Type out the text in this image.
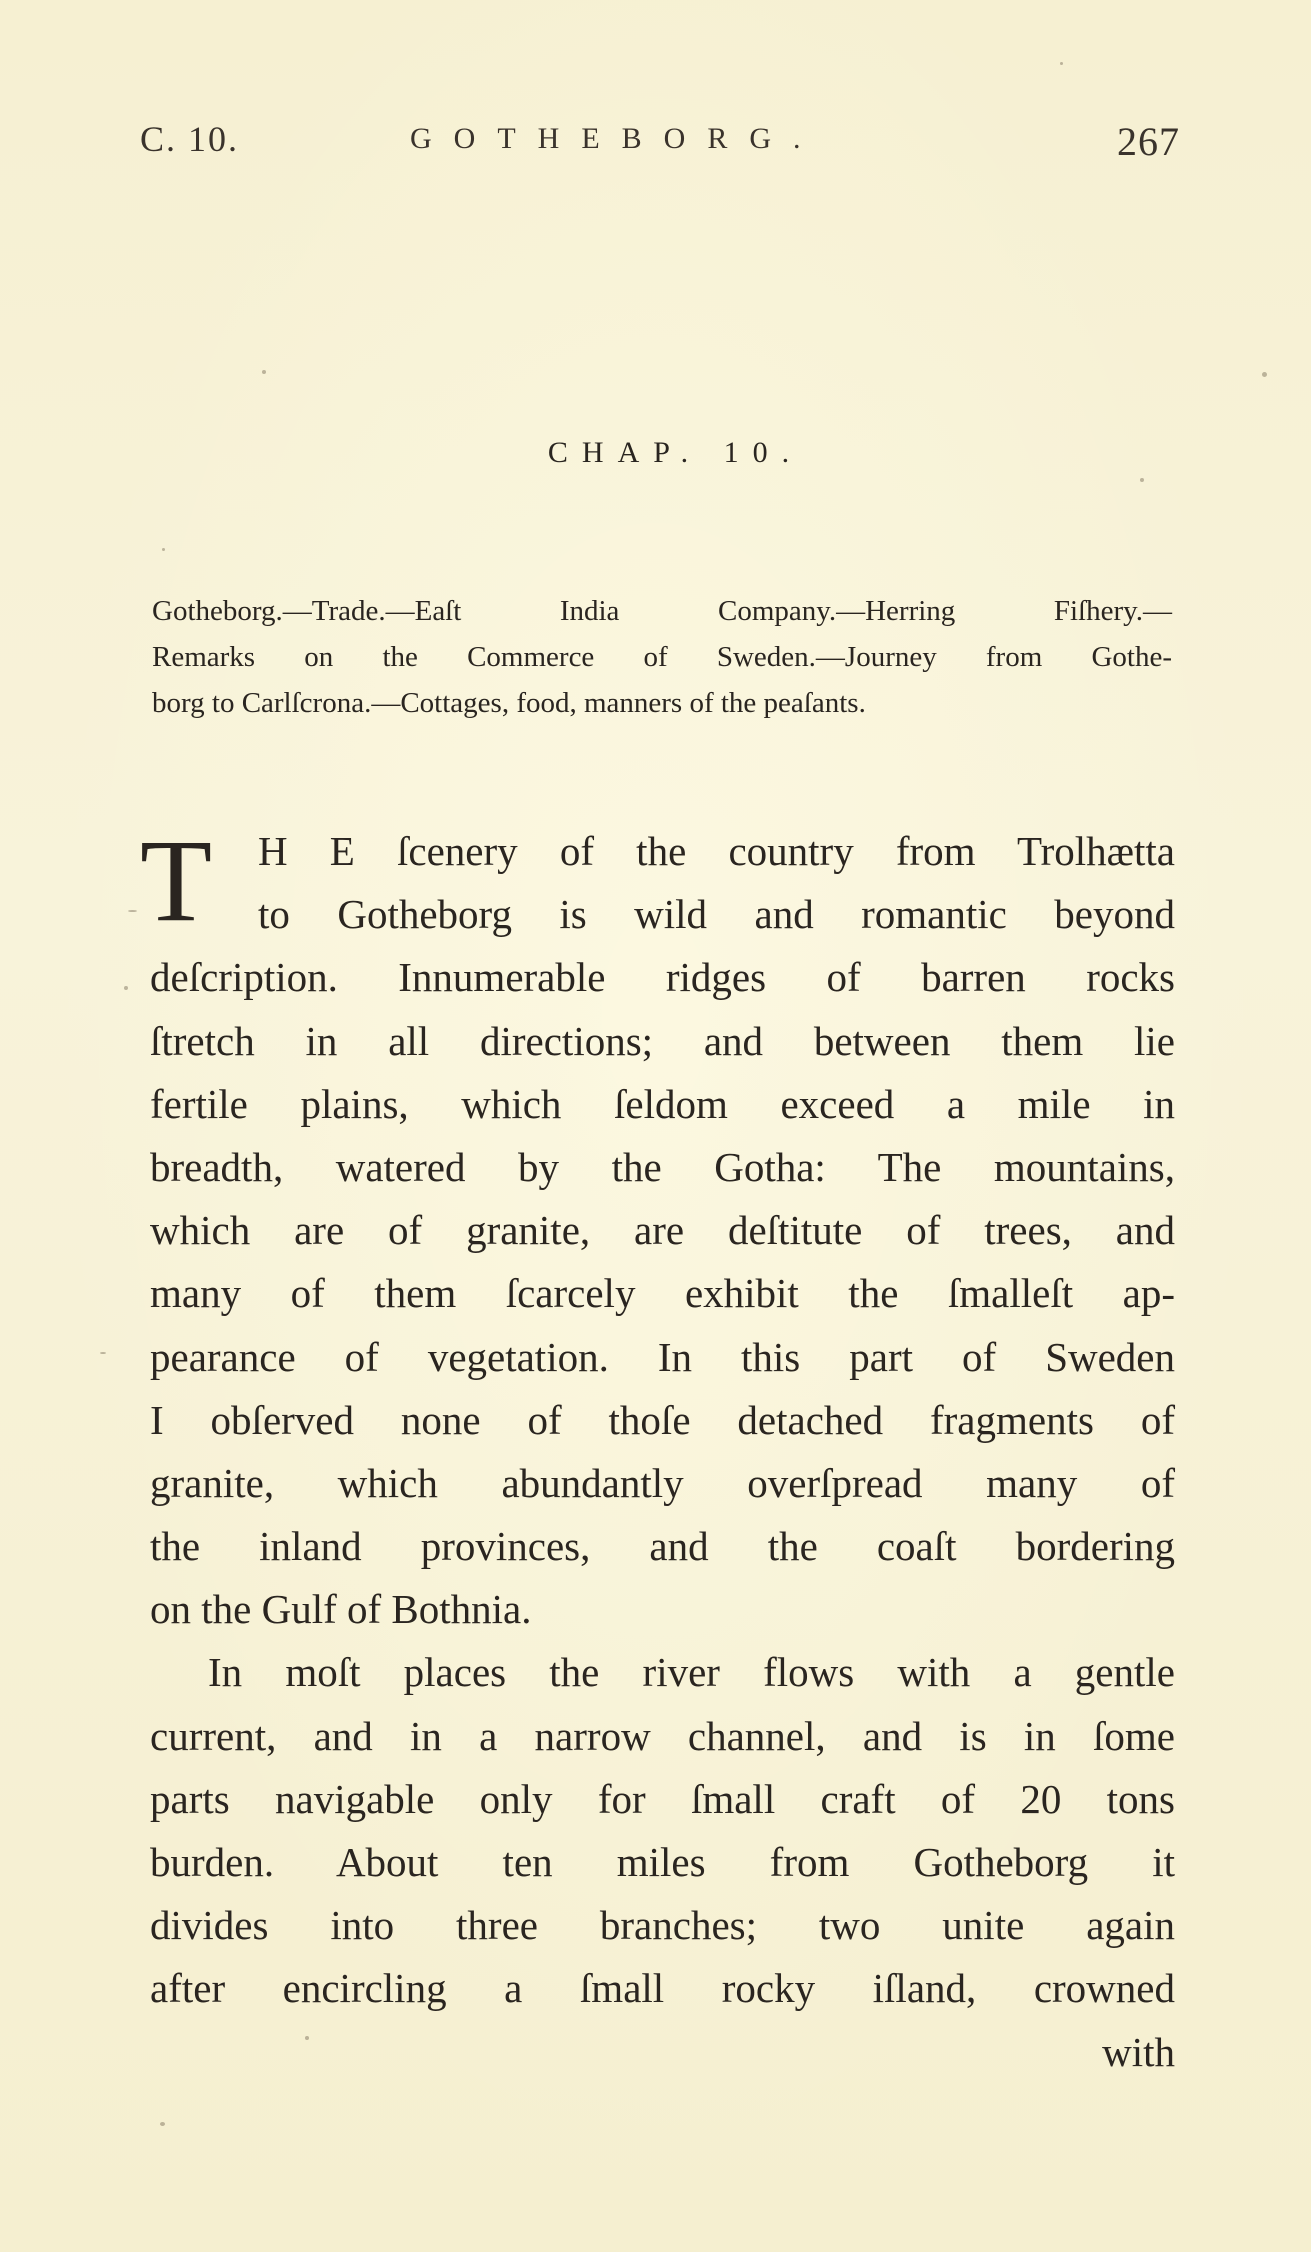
C. 10.	GOTHEBORG.	267
CHAP. 10.
Gotheborg.—Trade.—Eaſt India Company.—Herring Fiſhery.—
Remarks on the Commerce of Sweden.—Journey from Gothe-
borg to Carlſcrona.—Cottages, food, manners of the peaſants.
T	H E ſcenery of the country from Trolhætta
to Gotheborg is wild and romantic beyond
deſcription. Innumerable ridges of barren rocks
ſtretch in all directions; and between them lie
fertile plains, which ſeldom exceed a mile in
breadth, watered by the Gotha: The mountains,
which are of granite, are deſtitute of trees, and
many of them ſcarcely exhibit the ſmalleſt ap-
pearance of vegetation. In this part of Sweden
I obſerved none of thoſe detached fragments of
granite, which abundantly overſpread many of
the inland provinces, and the coaſt bordering
on the Gulf of Bothnia.
In moſt places the river flows with a gentle
current, and in a narrow channel, and is in ſome
parts navigable only for ſmall craft of 20 tons
burden. About ten miles from Gotheborg it
divides into three branches; two unite again
after encircling a ſmall rocky iſland, crowned
with
